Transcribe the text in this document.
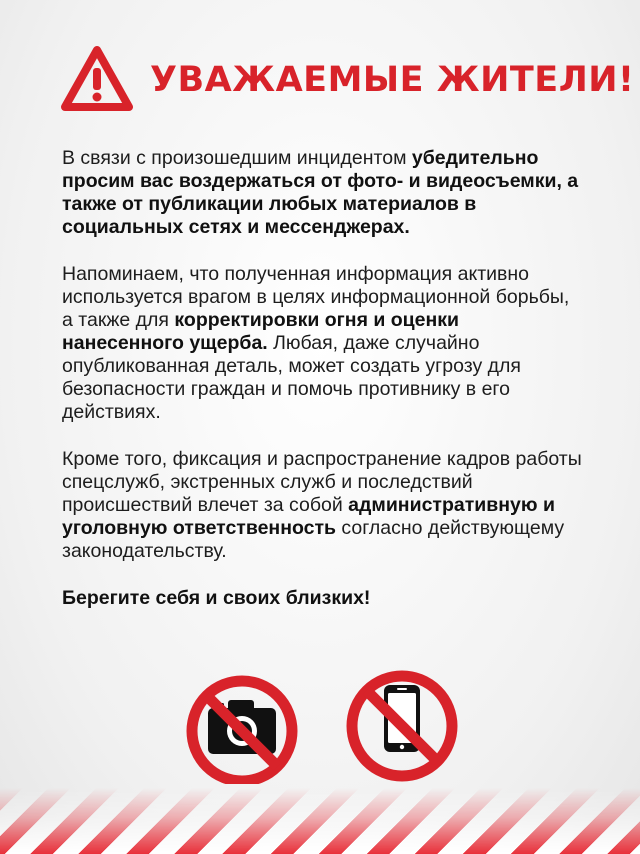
УВАЖАЕМЫЕ ЖИТЕЛИ!

В связи с произошедшим инцидентом убедительно просим вас воздержаться от фото- и видеосъемки, а также от публикации любых материалов в социальных сетях и мессенджерах.

Напоминаем, что полученная информация активно используется врагом в целях информационной борьбы, а также для корректировки огня и оценки нанесенного ущерба. Любая, даже случайно опубликованная деталь, может создать угрозу для безопасности граждан и помочь противнику в его действиях.

Кроме того, фиксация и распространение кадров работы спецслужб, экстренных служб и последствий происшествий влечет за собой административную и уголовную ответственность согласно действующему законодательству.

Берегите себя и своих близких!
